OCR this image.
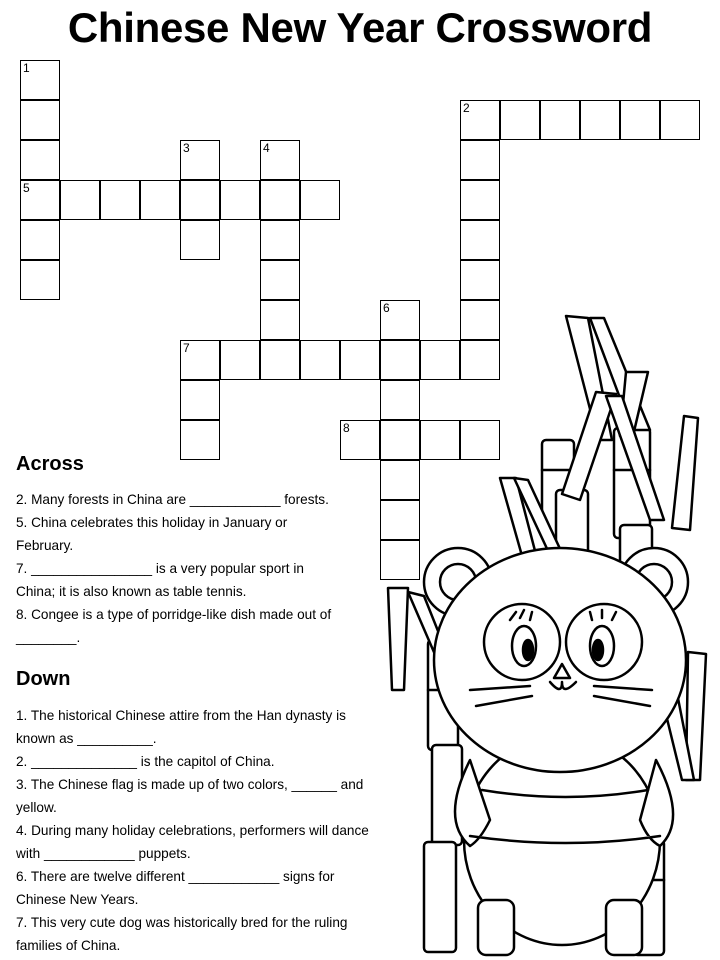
Chinese New Year Crossword
1
5
2
3	4
6
7
8
Across
2. Many forests in China are ____________ forests.
5. China celebrates this holiday in January or
February.
7. ________________ is a very popular sport in
China; it is also known as table tennis.
8. Congee is a type of porridge-like dish made out of
________.
Down
1. The historical Chinese attire from the Han dynasty is
known as __________.
2. ______________ is the capitol of China.
3. The Chinese flag is made up of two colors, ______ and
yellow.
4. During many holiday celebrations, performers will dance
with ____________ puppets.
6. There are twelve different ____________ signs for
Chinese New Years.
7. This very cute dog was historically bred for the ruling
families of China.
